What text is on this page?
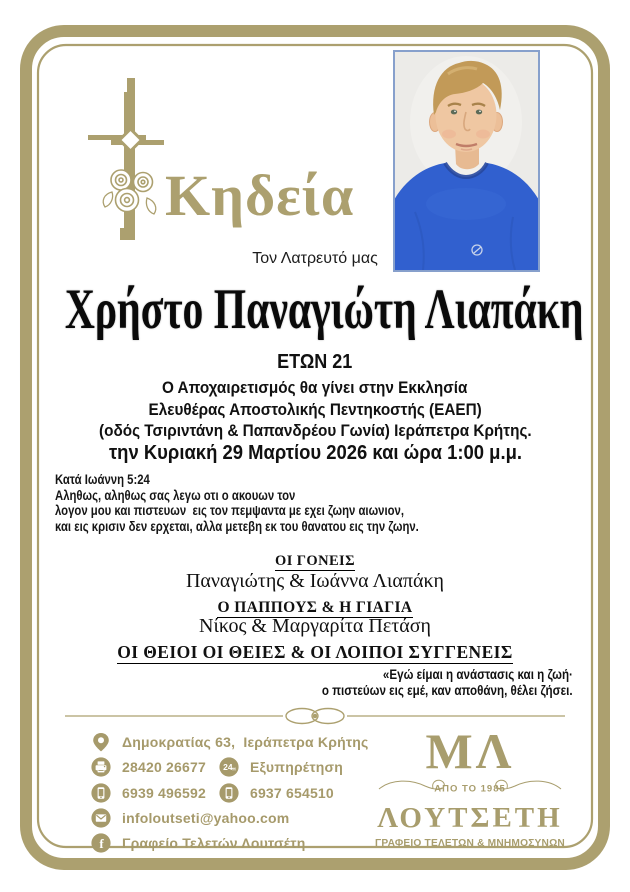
Κηδεία
Τον Λατρευτό μας
Χρήστο Παναγιώτη Λιαπάκη
ΕΤΩΝ 21
Ο Αποχαιρετισμός θα γίνει στην Εκκλησία
Ελευθέρας Αποστολικής Πεντηκοστής (ΕΑΕΠ)
(οδός Τσιριντάνη & Παπανδρέου Γωνία) Ιεράπετρα Κρήτης.
την Κυριακή 29 Μαρτίου 2026 και ώρα 1:00 μ.μ.
Κατά Ιωάννη 5:24
Αληθως, αληθως σας λεγω οτι ο ακουων τον
λογον μου και πιστευων  εις τον πεμψαντα με εχει ζωην αιωνιον,
και εις κρισιν δεν ερχεται, αλλα μετεβη εκ του θανατου εις την ζωην.
ΟΙ ΓΟΝΕΙΣ
Παναγιώτης & Ιωάννα Λιαπάκη
Ο ΠΑΠΠΟΥΣ & Η ΓΙΑΓΙΑ
Νίκος & Μαργαρίτα Πετάση
ΟΙ ΘΕΙΟΙ ΟΙ ΘΕΙΕΣ & ΟΙ ΛΟΙΠΟΙ ΣΥΓΓΕΝΕΙΣ
«Εγώ είμαι η ανάστασις και η ζωή·
ο πιστεύων εις εμέ, καν αποθάνη, θέλει ζήσει.
Δημοκρατίας 63,  Ιεράπετρα Κρήτης
28420 26677 24 H Εξυπηρέτηση
6939 496592	6937 654510
infoloutseti@yahoo.com
f Γραφείο Τελετών Λουτσέτη
ΜΛ
ΑΠΟ ΤΟ 1985
ΛΟΥΤΣΕΤΗ
ΓΡΑΦΕΙΟ ΤΕΛΕΤΩΝ & ΜΝΗΜΟΣΥΝΩΝ
